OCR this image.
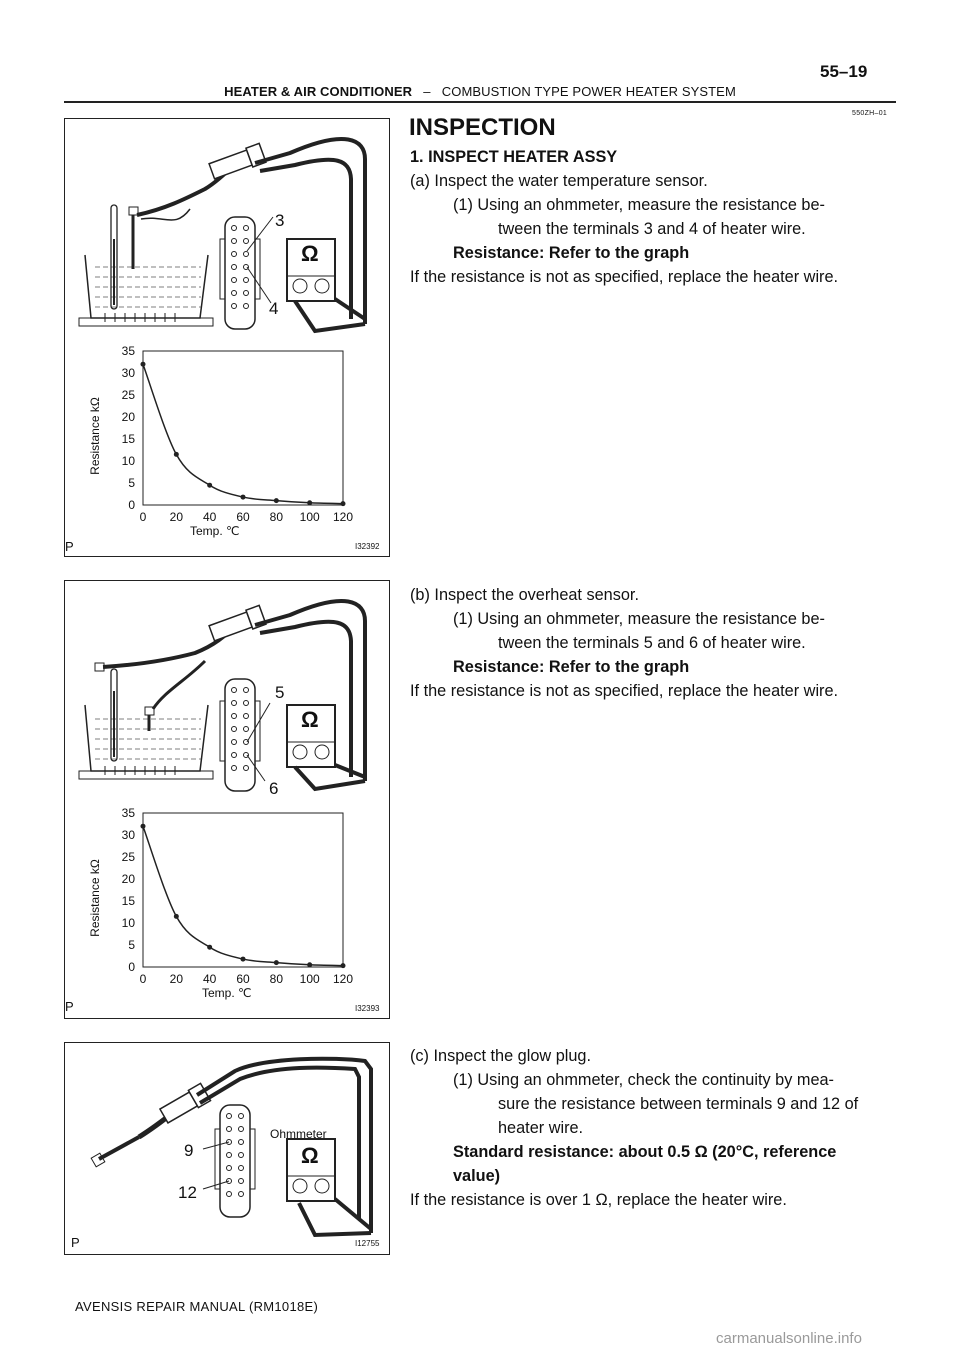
55–19
HEATER & AIR CONDITIONER – COMBUSTION TYPE POWER HEATER SYSTEM
550ZH–01
3
4
Ω
0
5
10
15
20
25
30
35
0 20 40 60 80 100 120
Temp. ℃
Resistance kΩ
P	I32392
5
6
Ω
0
5
10
15
20
25
30
35
0 20 40 60 80 100 120
Temp. ℃
Resistance kΩ
P	I32393
9
12
Ohmmeter
Ω
P	I12755
INSPECTION
1. INSPECT HEATER ASSY
(a) Inspect the water temperature sensor.
(1) Using an ohmmeter, measure the resistance be-
tween the terminals 3 and 4 of heater wire.
Resistance: Refer to the graph
If the resistance is not as specified, replace the heater wire.
(b) Inspect the overheat sensor.
(1) Using an ohmmeter, measure the resistance be-
tween the terminals 5 and 6 of heater wire.
Resistance: Refer to the graph
If the resistance is not as specified, replace the heater wire.
(c) Inspect the glow plug.
(1) Using an ohmmeter, check the continuity by mea-
sure the resistance between terminals 9 and 12 of
heater wire.
Standard resistance: about 0.5 Ω (20°C, reference
value)
If the resistance is over 1 Ω, replace the heater wire.
AVENSIS REPAIR MANUAL (RM1018E)
carmanualsonline.info
